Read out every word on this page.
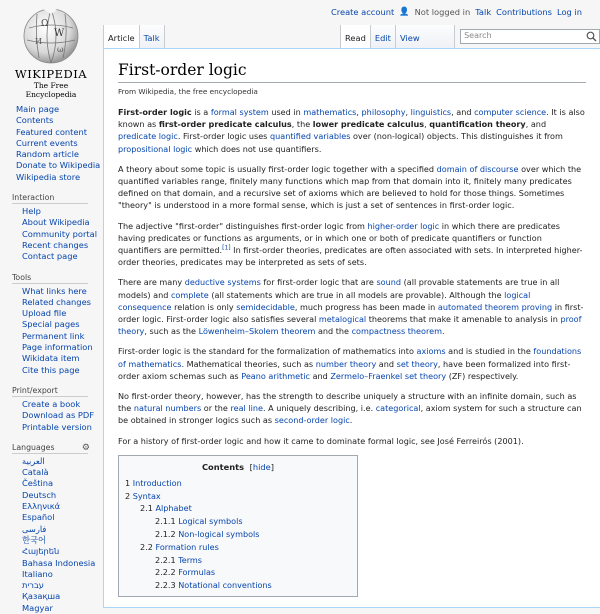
Ω
W
И
ω
WIKIPEDIA
The Free Encyclopedia
Main page
Contents
Featured content
Current events
Random article
Donate to Wikipedia
Wikipedia store
Interaction
Help
About Wikipedia
Community portal
Recent changes
Contact page
Tools
What links here
Related changes
Upload file
Special pages
Permanent link
Page information
Wikidata item
Cite this page
Print/export
Create a book
Download as PDF
Printable version
Languages	⚙
العربية
Català
Čeština
Deutsch
Ελληνικά
Español
فارسی
한국어
Հայերեն
Bahasa Indonesia
Italiano
עברית
Қазақша
Magyar
Create account 👤 Not logged in Talk Contributions Log in
Article	Talk	Read	Edit	View	Search
First-order logic
From Wikipedia, the free encyclopedia

First-order logic is a formal system used in mathematics, philosophy, linguistics, and computer science. It is also known as first-order predicate calculus, the lower predicate calculus, quantification theory, and predicate logic. First-order logic uses quantified variables over (non-logical) objects. This distinguishes it from propositional logic which does not use quantifiers.

A theory about some topic is usually first-order logic together with a specified domain of discourse over which the quantified variables range, finitely many functions which map from that domain into it, finitely many predicates defined on that domain, and a recursive set of axioms which are believed to hold for those things. Sometimes "theory" is understood in a more formal sense, which is just a set of sentences in first-order logic.

The adjective "first-order" distinguishes first-order logic from higher-order logic in which there are predicates having predicates or functions as arguments, or in which one or both of predicate quantifiers or function quantifiers are permitted.[1] In first-order theories, predicates are often associated with sets. In interpreted higher-order theories, predicates may be interpreted as sets of sets.

There are many deductive systems for first-order logic that are sound (all provable statements are true in all models) and complete (all statements which are true in all models are provable). Although the logical consequence relation is only semidecidable, much progress has been made in automated theorem proving in first-order logic. First-order logic also satisfies several metalogical theorems that make it amenable to analysis in proof theory, such as the Löwenheim–Skolem theorem and the compactness theorem.

First-order logic is the standard for the formalization of mathematics into axioms and is studied in the foundations of mathematics. Mathematical theories, such as number theory and set theory, have been formalized into first-order axiom schemas such as Peano arithmetic and Zermelo–Fraenkel set theory (ZF) respectively.

No first-order theory, however, has the strength to describe uniquely a structure with an infinite domain, such as the natural numbers or the real line. A uniquely describing, i.e. categorical, axiom system for such a structure can be obtained in stronger logics such as second-order logic.

For a history of first-order logic and how it came to dominate formal logic, see José Ferreirós (2001).

Contents  [hide]
1 Introduction
2 Syntax
2.1 Alphabet
2.1.1 Logical symbols
2.1.2 Non-logical symbols
2.2 Formation rules
2.2.1 Terms
2.2.2 Formulas
2.2.3 Notational conventions
